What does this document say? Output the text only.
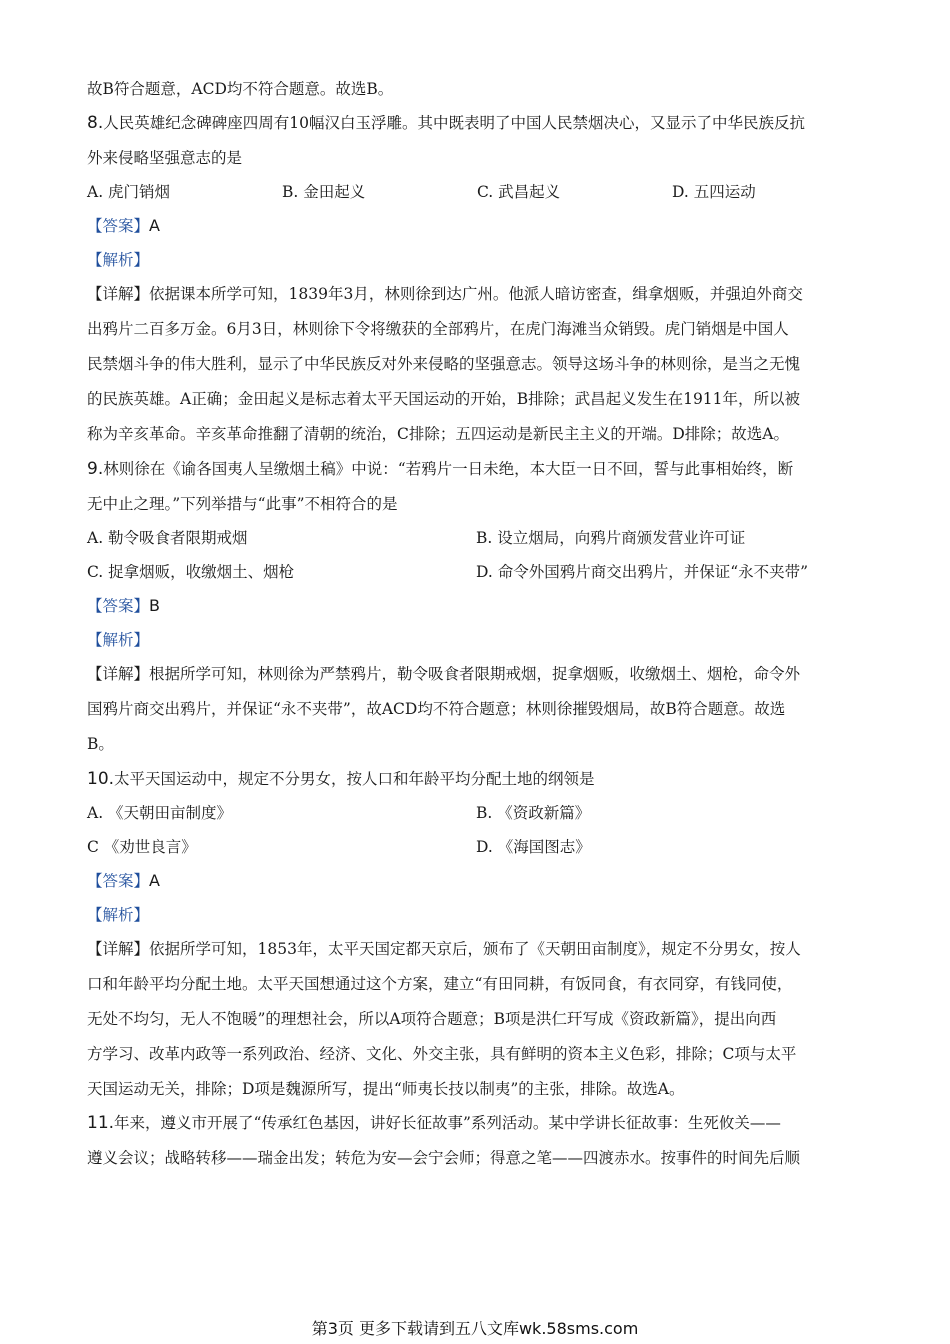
故B符合题意，ACD均不符合题意。故选B。

8.人民英雄纪念碑碑座四周有10幅汉白玉浮雕。其中既表明了中国人民禁烟决心，又显示了中华民族反抗

外来侵略坚强意志的是

A. 虎门销烟	B. 金田起义	C. 武昌起义	D. 五四运动

【答案】A

【解析】

【详解】依据课本所学可知，1839年3月，林则徐到达广州。他派人暗访密查，缉拿烟贩，并强迫外商交

出鸦片二百多万金。6月3日，林则徐下令将缴获的全部鸦片，在虎门海滩当众销毁。虎门销烟是中国人

民禁烟斗争的伟大胜利，显示了中华民族反对外来侵略的坚强意志。领导这场斗争的林则徐，是当之无愧

的民族英雄。A正确；金田起义是标志着太平天国运动的开始，B排除；武昌起义发生在1911年，所以被

称为辛亥革命。辛亥革命推翻了清朝的统治，C排除；五四运动是新民主主义的开端。D排除；故选A。

9.林则徐在《谕各国夷人呈缴烟土稿》中说：“若鸦片一日未绝，本大臣一日不回，誓与此事相始终，断

无中止之理。”下列举措与“此事”不相符合的是

A. 勒令吸食者限期戒烟	B. 设立烟局，向鸦片商颁发营业许可证
C. 捉拿烟贩，收缴烟土、烟枪	D. 命令外国鸦片商交出鸦片，并保证“永不夹带”

【答案】B

【解析】

【详解】根据所学可知，林则徐为严禁鸦片，勒令吸食者限期戒烟，捉拿烟贩，收缴烟土、烟枪，命令外

国鸦片商交出鸦片，并保证“永不夹带”，故ACD均不符合题意；林则徐摧毁烟局，故B符合题意。故选

B。

10.太平天国运动中，规定不分男女，按人口和年龄平均分配土地的纲领是

A. 《天朝田亩制度》	B. 《资政新篇》
C 《劝世良言》	D. 《海国图志》

【答案】A

【解析】

【详解】依据所学可知，1853年，太平天国定都天京后，颁布了《天朝田亩制度》，规定不分男女，按人

口和年龄平均分配土地。太平天国想通过这个方案，建立“有田同耕，有饭同食，有衣同穿，有钱同使，

无处不均匀，无人不饱暖”的理想社会，所以A项符合题意；B项是洪仁玕写成《资政新篇》，提出向西

方学习、改革内政等一系列政治、经济、文化、外交主张，具有鲜明的资本主义色彩，排除；C项与太平

天国运动无关，排除；D项是魏源所写，提出“师夷长技以制夷”的主张，排除。故选A。

11.年来，遵义市开展了“传承红色基因，讲好长征故事”系列活动。某中学讲长征故事：生死攸关——

遵义会议；战略转移——瑞金出发；转危为安—会宁会师；得意之笔——四渡赤水。按事件的时间先后顺

第3页 更多下载请到五八文库wk.58sms.com
